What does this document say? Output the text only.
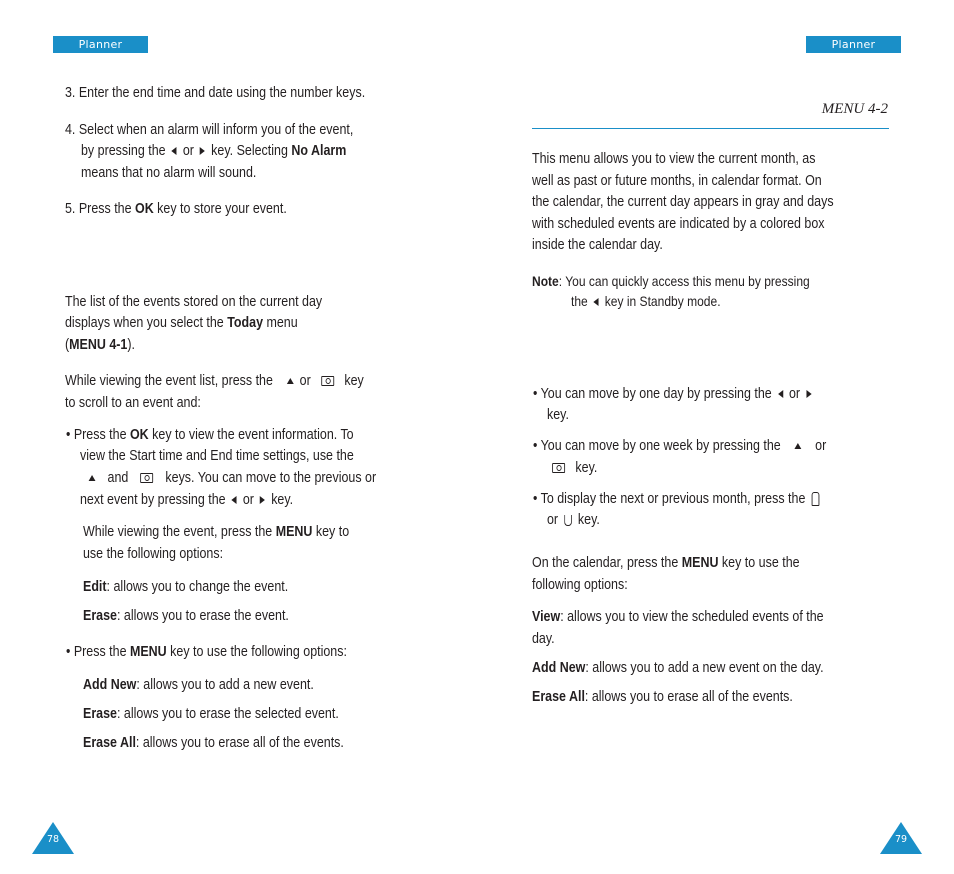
Planner
3. Enter the end time and date using the number keys.
4. Select when an alarm will inform you of the event,
by pressing the or key. Selecting No Alarm
means that no alarm will sound.
5. Press the OK key to store your event.
The list of the events stored on the current day
displays when you select the Today menu
(MENU 4-1).
While viewing the event list, press the or key
to scroll to an event and:
• Press the OK key to view the event information. To
view the Start time and End time settings, use the
and	keys. You can move to the previous or
next event by pressing the or key.
While viewing the event, press the MENU key to
use the following options:
Edit: allows you to change the event.
Erase: allows you to erase the event.
• Press the MENU key to use the following options:
Add New: allows you to add a new event.
Erase: allows you to erase the selected event.
Erase All: allows you to erase all of the events.
78
Planner
MENU 4-2
This menu allows you to view the current month, as
well as past or future months, in calendar format. On
the calendar, the current day appears in gray and days
with scheduled events are indicated by a colored box
inside the calendar day.
Note: You can quickly access this menu by pressing
the key in Standby mode.
• You can move by one day by pressing the or
key.
• You can move by one week by pressing the or
key.
• To display the next or previous month, press the
or key.
On the calendar, press the MENU key to use the
following options:
View: allows you to view the scheduled events of the
day.
Add New: allows you to add a new event on the day.
Erase All: allows you to erase all of the events.
79
